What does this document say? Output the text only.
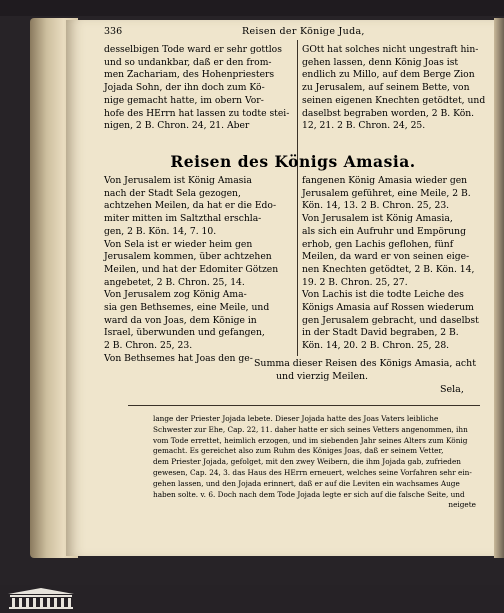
336	Reisen der Könige Juda,

desselbigen Tode ward er sehr gottlos

und so undankbar, daß er den from-

men Zachariam, des Hohenpriesters

Jojada Sohn, der ihn doch zum Kö-

nige gemacht hatte, im obern Vor-

hofe des HErrn hat lassen zu todte stei-

nigen, 2 B. Chron. 24, 21. Aber

GOtt hat solches nicht ungestraft hin-

gehen lassen, denn König Joas ist

endlich zu Millo, auf dem Berge Zion

zu Jerusalem, auf seinem Bette, von

seinen eigenen Knechten getödtet, und

daselbst begraben worden, 2 B. Kön.

12, 21. 2 B. Chron. 24, 25.

Reisen des Königs Amasia.

Von Jerusalem ist König Amasia

nach der Stadt Sela gezogen,

achtzehen Meilen, da hat er die Edo-

miter mitten im Saltzthal erschla-

gen, 2 B. Kön. 14, 7. 10.

Von Sela ist er wieder heim gen

Jerusalem kommen, über achtzehen

Meilen, und hat der Edomiter Götzen

angebetet, 2 B. Chron. 25, 14.

Von Jerusalem zog König Ama-

sia gen Bethsemes, eine Meile, und

ward da von Joas, dem Könige in

Israel, überwunden und gefangen,

2 B. Chron. 25, 23.

Von Bethsemes hat Joas den ge-

fangenen König Amasia wieder gen

Jerusalem geführet, eine Meile, 2 B.

Kön. 14, 13. 2 B. Chron. 25, 23.

Von Jerusalem ist König Amasia,

als sich ein Aufruhr und Empörung

erhob, gen Lachis geflohen, fünf

Meilen, da ward er von seinen eige-

nen Knechten getödtet, 2 B. Kön. 14,

19. 2 B. Chron. 25, 27.

Von Lachis ist die todte Leiche des

Königs Amasia auf Rossen wiederum

gen Jerusalem gebracht, und daselbst

in der Stadt David begraben, 2 B.

Kön. 14, 20. 2 B. Chron. 25, 28.

Summa dieser Reisen des Königs Amasia, acht
und vierzig Meilen.
Sela,

lange der Priester Jojada lebete. Dieser Jojada hatte des Joas Vaters leibliche

Schwester zur Ehe, Cap. 22, 11. daher hatte er sich seines Vetters angenommen, ihn

vom Tode errettet, heimlich erzogen, und im siebenden Jahr seines Alters zum König

gemacht. Es gereichet also zum Ruhm des Königes Joas, daß er seinem Vetter,

dem Priester Jojada, gefolget, mit den zwey Weibern, die ihm Jojada gab, zufrieden

gewesen, Cap. 24, 3. das Haus des HErrn erneuert, welches seine Vorfahren sehr ein-

gehen lassen, und den Jojada erinnert, daß er auf die Leviten ein wachsames Auge

haben solte. v. 6. Doch nach dem Tode Jojada legte er sich auf die falsche Seite, und

neigete
